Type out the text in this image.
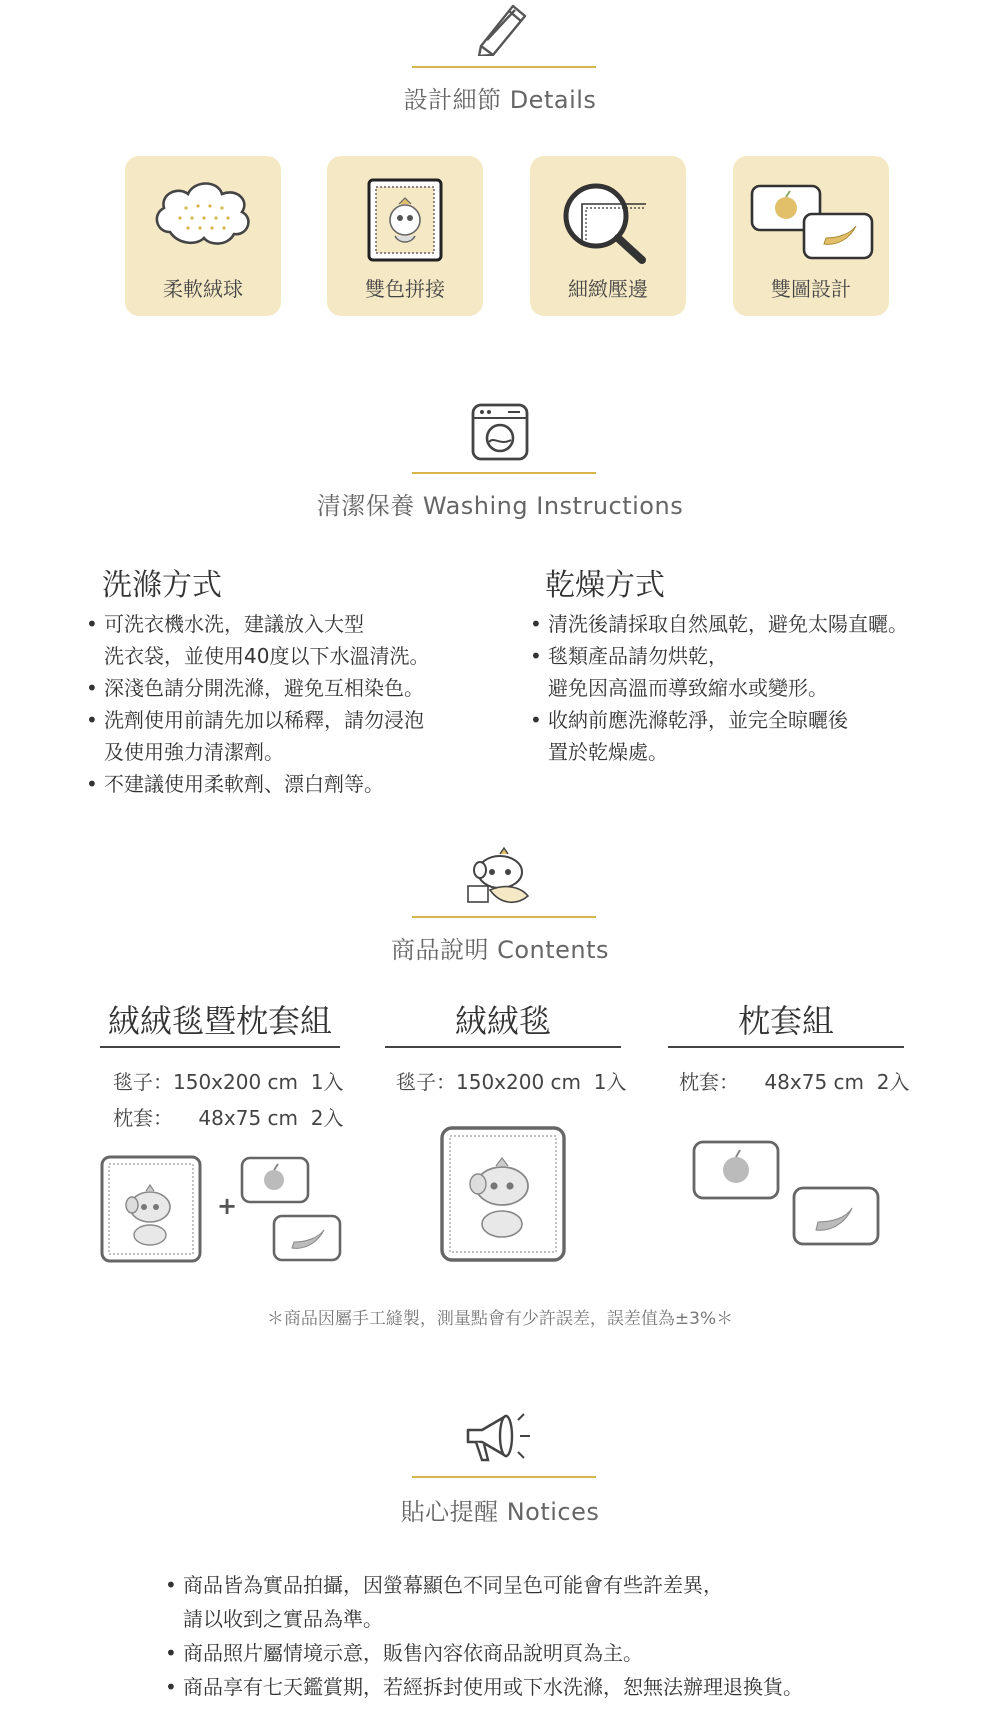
設計細節 Details
柔軟絨球	雙色拼接	細緻壓邊	雙圖設計
清潔保養 Washing Instructions
洗滌方式
• 可洗衣機水洗，建議放入大型
洗衣袋，並使用40度以下水溫清洗。
• 深淺色請分開洗滌，避免互相染色。
• 洗劑使用前請先加以稀釋，請勿浸泡
及使用強力清潔劑。
• 不建議使用柔軟劑、漂白劑等。
乾燥方式
• 清洗後請採取自然風乾，避免太陽直曬。
• 毯類產品請勿烘乾，
避免因高溫而導致縮水或變形。
• 收納前應洗滌乾淨，並完全晾曬後
置於乾燥處。
商品說明 Contents
絨絨毯暨枕套組
毯子：150x200 cm  1入
枕套：    48x75 cm  2入
絨絨毯
毯子：150x200 cm  1入
枕套組
枕套：    48x75 cm  2入
+
＊商品因屬手工縫製，測量點會有少許誤差，誤差值為±3%＊
貼心提醒 Notices
• 商品皆為實品拍攝，因螢幕顯色不同呈色可能會有些許差異，
請以收到之實品為準。
• 商品照片屬情境示意，販售內容依商品說明頁為主。
• 商品享有七天鑑賞期，若經拆封使用或下水洗滌，恕無法辦理退換貨。
